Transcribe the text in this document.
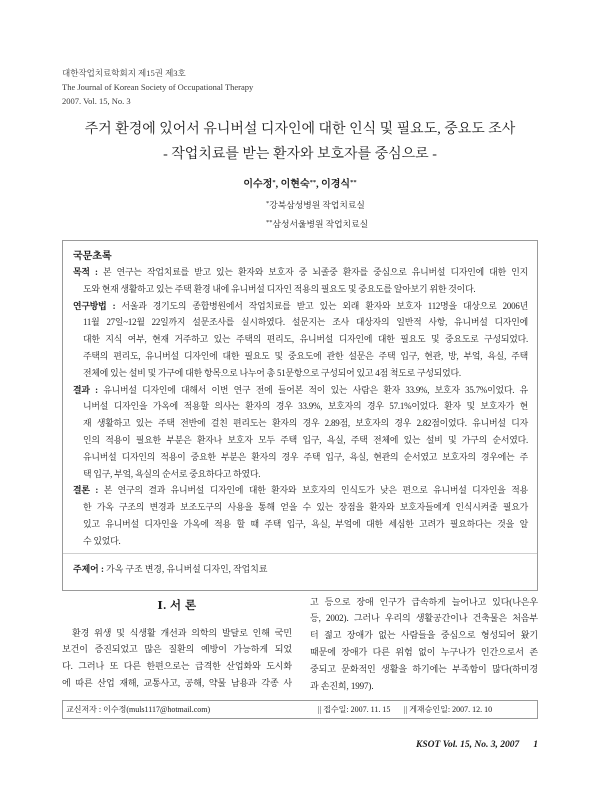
대한작업치료학회지 제15권 제3호
The Journal of Korean Society of Occupational Therapy
2007. Vol. 15, No. 3
주거 환경에 있어서 유니버설 디자인에 대한 인식 및 필요도, 중요도 조사
- 작업치료를 받는 환자와 보호자를 중심으로 -
이수정*, 이현숙**, 이경식**
*강북삼성병원 작업치료실
**삼성서울병원 작업치료실
국문초록
목적 : 본 연구는 작업치료를 받고 있는 환자와 보호자 중 뇌졸중 환자를 중심으로 유니버설 디자인에 대한 인지
도와 현재 생활하고 있는 주택 환경 내에 유니버설 디자인 적용의 필요도 및 중요도를 알아보기 위한 것이다.
연구방법 : 서울과 경기도의 종합병원에서 작업치료를 받고 있는 외래 환자와 보호자 112명을 대상으로 2006년
11월 27일~12월 22일까지 설문조사를 실시하였다. 설문지는 조사 대상자의 일반적 사항, 유니버설 디자인에
대한 지식 여부, 현재 거주하고 있는 주택의 편리도, 유니버설 디자인에 대한 필요도 및 중요도로 구성되었다.
주택의 편리도, 유니버설 디자인에 대한 필요도 및 중요도에 관한 설문은 주택 입구, 현관, 방, 부엌, 욕실, 주택
전체에 있는 설비 및 가구에 대한 항목으로 나누어 총 51문항으로 구성되어 있고 4점 척도로 구성되었다.
결과 : 유니버설 디자인에 대해서 이번 연구 전에 들어본 적이 있는 사람은 환자 33.9%, 보호자 35.7%이었다. 유
니버설 디자인을 가옥에 적용할 의사는 환자의 경우 33.9%, 보호자의 경우 57.1%이었다. 환자 및 보호자가 현
재 생활하고 있는 주택 전반에 걸친 편리도는 환자의 경우 2.89점, 보호자의 경우 2.82점이었다. 유니버설 디자
인의 적용이 필요한 부분은 환자나 보호자 모두 주택 입구, 욕실, 주택 전체에 있는 설비 및 가구의 순서였다.
유니버설 디자인의 적용이 중요한 부분은 환자의 경우 주택 입구, 욕실, 현관의 순서였고 보호자의 경우에는 주
택 입구, 부엌, 욕실의 순서로 중요하다고 하였다.
결론 : 본 연구의 결과 유니버설 디자인에 대한 환자와 보호자의 인식도가 낮은 편으로 유니버설 디자인을 적용
한 가옥 구조의 변경과 보조도구의 사용을 통해 얻을 수 있는 장점을 환자와 보호자들에게 인식시켜줄 필요가
있고 유니버설 디자인을 가옥에 적용 할 때 주택 입구, 욕실, 부엌에 대한 세심한 고려가 필요하다는 것을 알
수 있었다.
주제어 : 가옥 구조 변경, 유니버설 디자인, 작업치료
Ⅰ. 서 론
환경 위생 및 식생활 개선과 의학의 발달로 인해 국민
보건이 증진되었고 많은 질환의 예방이 가능하게 되었
다. 그러나 또 다른 한편으로는 급격한 산업화와 도시화
에 따른 산업 재해, 교통사고, 공해, 약물 남용과 각종 사
고 등으로 장애 인구가 급속하게 늘어나고 있다(나은우
등, 2002). 그러나 우리의 생활공간이나 건축물은 처음부
터 젊고 장애가 없는 사람들을 중심으로 형성되어 왔기
때문에 장애가 다른 위험 없이 누구나가 인간으로서 존
중되고 문화적인 생활을 하기에는 부족함이 많다(하미경
과 손진희, 1997).
교신저자 : 이수정(muls1117@hotmail.com)	|| 접수일: 2007. 11. 15 || 게재승인일: 2007. 12. 10
KSOT Vol. 15, No. 3, 2007 1
